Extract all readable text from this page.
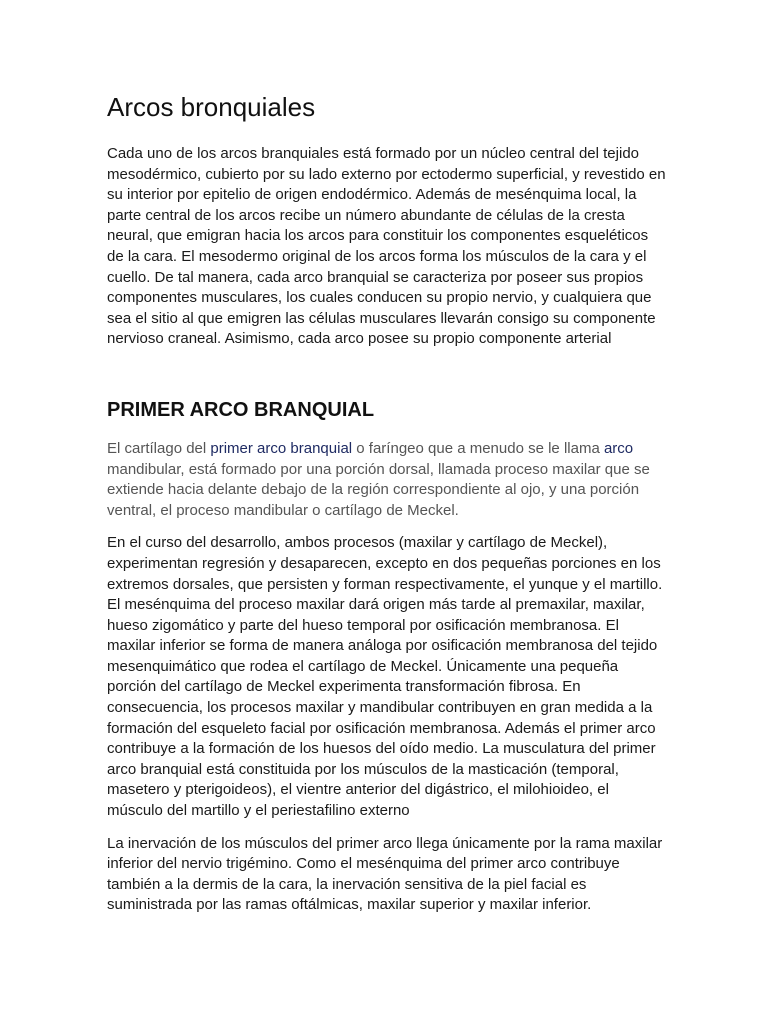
Arcos bronquiales

Cada uno de los arcos branquiales está formado por un núcleo central del tejido mesodérmico, cubierto por su lado externo por ectodermo superficial, y revestido en su interior por epitelio de origen endodérmico. Además de mesénquima local, la parte central de los arcos recibe un número abundante de células de la cresta neural, que emigran hacia los arcos para constituir los componentes esqueléticos de la cara. El mesodermo original de los arcos forma los músculos de la cara y el cuello. De tal manera, cada arco branquial se caracteriza por poseer sus propios componentes musculares, los cuales conducen su propio nervio, y cualquiera que sea el sitio al que emigren las células musculares llevarán consigo su componente nervioso craneal. Asimismo, cada arco posee su propio componente arterial

PRIMER ARCO BRANQUIAL

El cartílago del primer arco branquial o faríngeo que a menudo se le llama arco mandibular, está formado por una porción dorsal, llamada proceso maxilar que se extiende hacia delante debajo de la región correspondiente al ojo, y una porción ventral, el proceso mandibular o cartílago de Meckel.

En el curso del desarrollo, ambos procesos (maxilar y cartílago de Meckel), experimentan regresión y desaparecen, excepto en dos pequeñas porciones en los extremos dorsales, que persisten y forman respectivamente, el yunque y el martillo. El mesénquima del proceso maxilar dará origen más tarde al premaxilar, maxilar, hueso zigomático y parte del hueso temporal por osificación membranosa. El maxilar inferior se forma de manera análoga por osificación membranosa del tejido mesenquimático que rodea el cartílago de Meckel. Únicamente una pequeña porción del cartílago de Meckel experimenta transformación fibrosa. En consecuencia, los procesos maxilar y mandibular contribuyen en gran medida a la formación del esqueleto facial por osificación membranosa. Además el primer arco contribuye a la formación de los huesos del oído medio. La musculatura del primer arco branquial está constituida por los músculos de la masticación (temporal, masetero y pterigoideos), el vientre anterior del digástrico, el milohioideo, el músculo del martillo y el periestafilino externo

La inervación de los músculos del primer arco llega únicamente por la rama maxilar inferior del nervio trigémino. Como el mesénquima del primer arco contribuye también a la dermis de la cara, la inervación sensitiva de la piel facial es suministrada por las ramas oftálmicas, maxilar superior y maxilar inferior.
